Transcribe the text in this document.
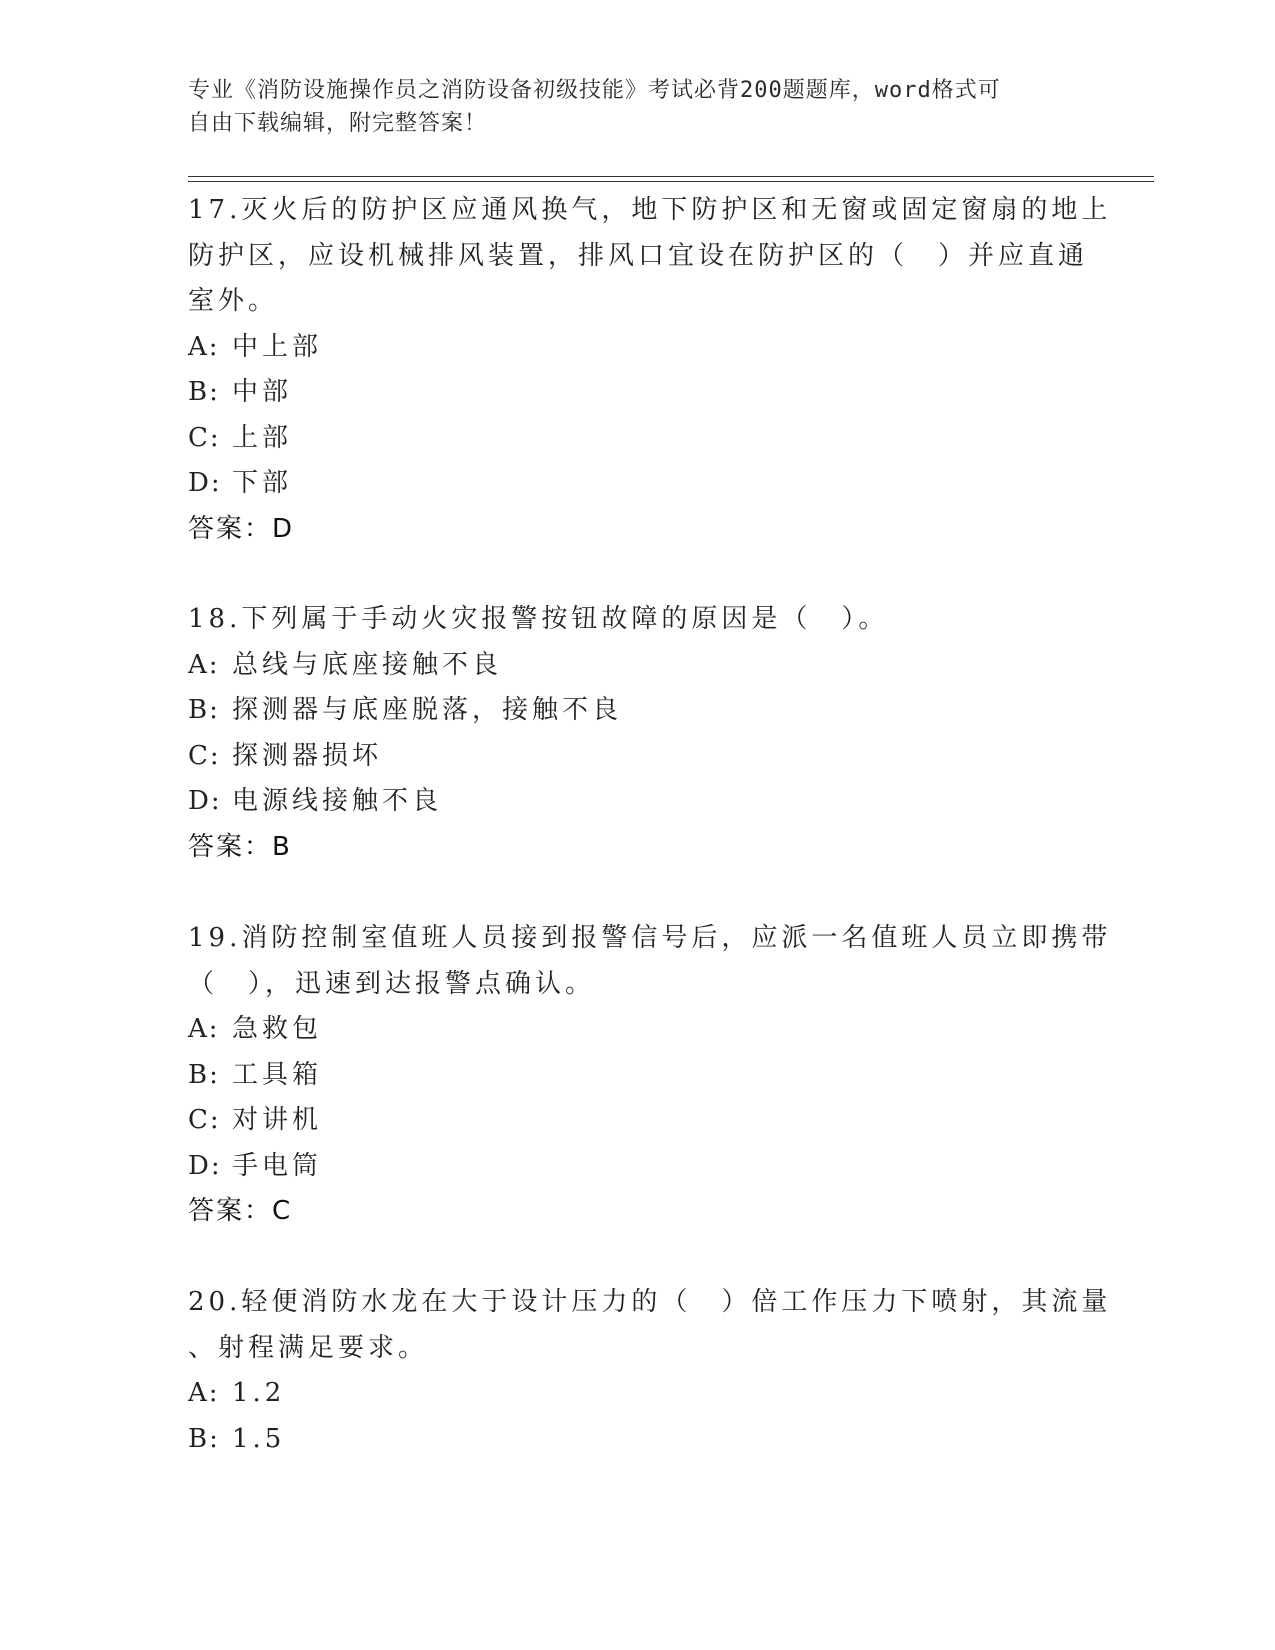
专业《消防设施操作员之消防设备初级技能》考试必背200题题库，word格式可
自由下载编辑，附完整答案！
17.灭火后的防护区应通风换气，地下防护区和无窗或固定窗扇的地上
防护区，应设机械排风装置，排风口宜设在防护区的（　）并应直通
室外。
A: 中上部
B: 中部
C: 上部
D: 下部
答案：D
18.下列属于手动火灾报警按钮故障的原因是（　）。
A: 总线与底座接触不良
B: 探测器与底座脱落，接触不良
C: 探测器损坏
D: 电源线接触不良
答案：B
19.消防控制室值班人员接到报警信号后，应派一名值班人员立即携带
（　），迅速到达报警点确认。
A: 急救包
B: 工具箱
C: 对讲机
D: 手电筒
答案：C
20.轻便消防水龙在大于设计压力的（　）倍工作压力下喷射，其流量
、射程满足要求。
A: 1.2
B: 1.5
